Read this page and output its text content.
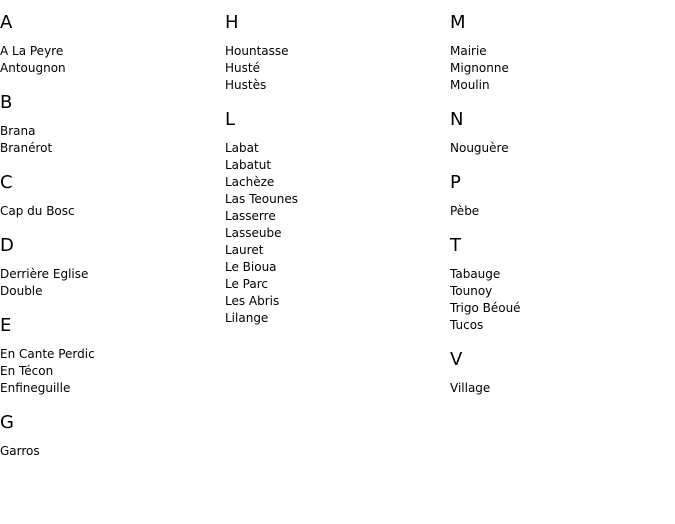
A
A La Peyre
Antougnon
B
Brana
Branérot
C
Cap du Bosc
D
Derrière Eglise
Double
E
En Cante Perdic
En Técon
Enfineguille
G
Garros
H
Hountasse
Husté
Hustès
L
Labat
Labatut
Lachèze
Las Teounes
Lasserre
Lasseube
Lauret
Le Bioua
Le Parc
Les Abris
Lilange
M
Mairie
Mignonne
Moulin
N
Nouguère
P
Pèbe
T
Tabauge
Tounoy
Trigo Béoué
Tucos
V
Village
